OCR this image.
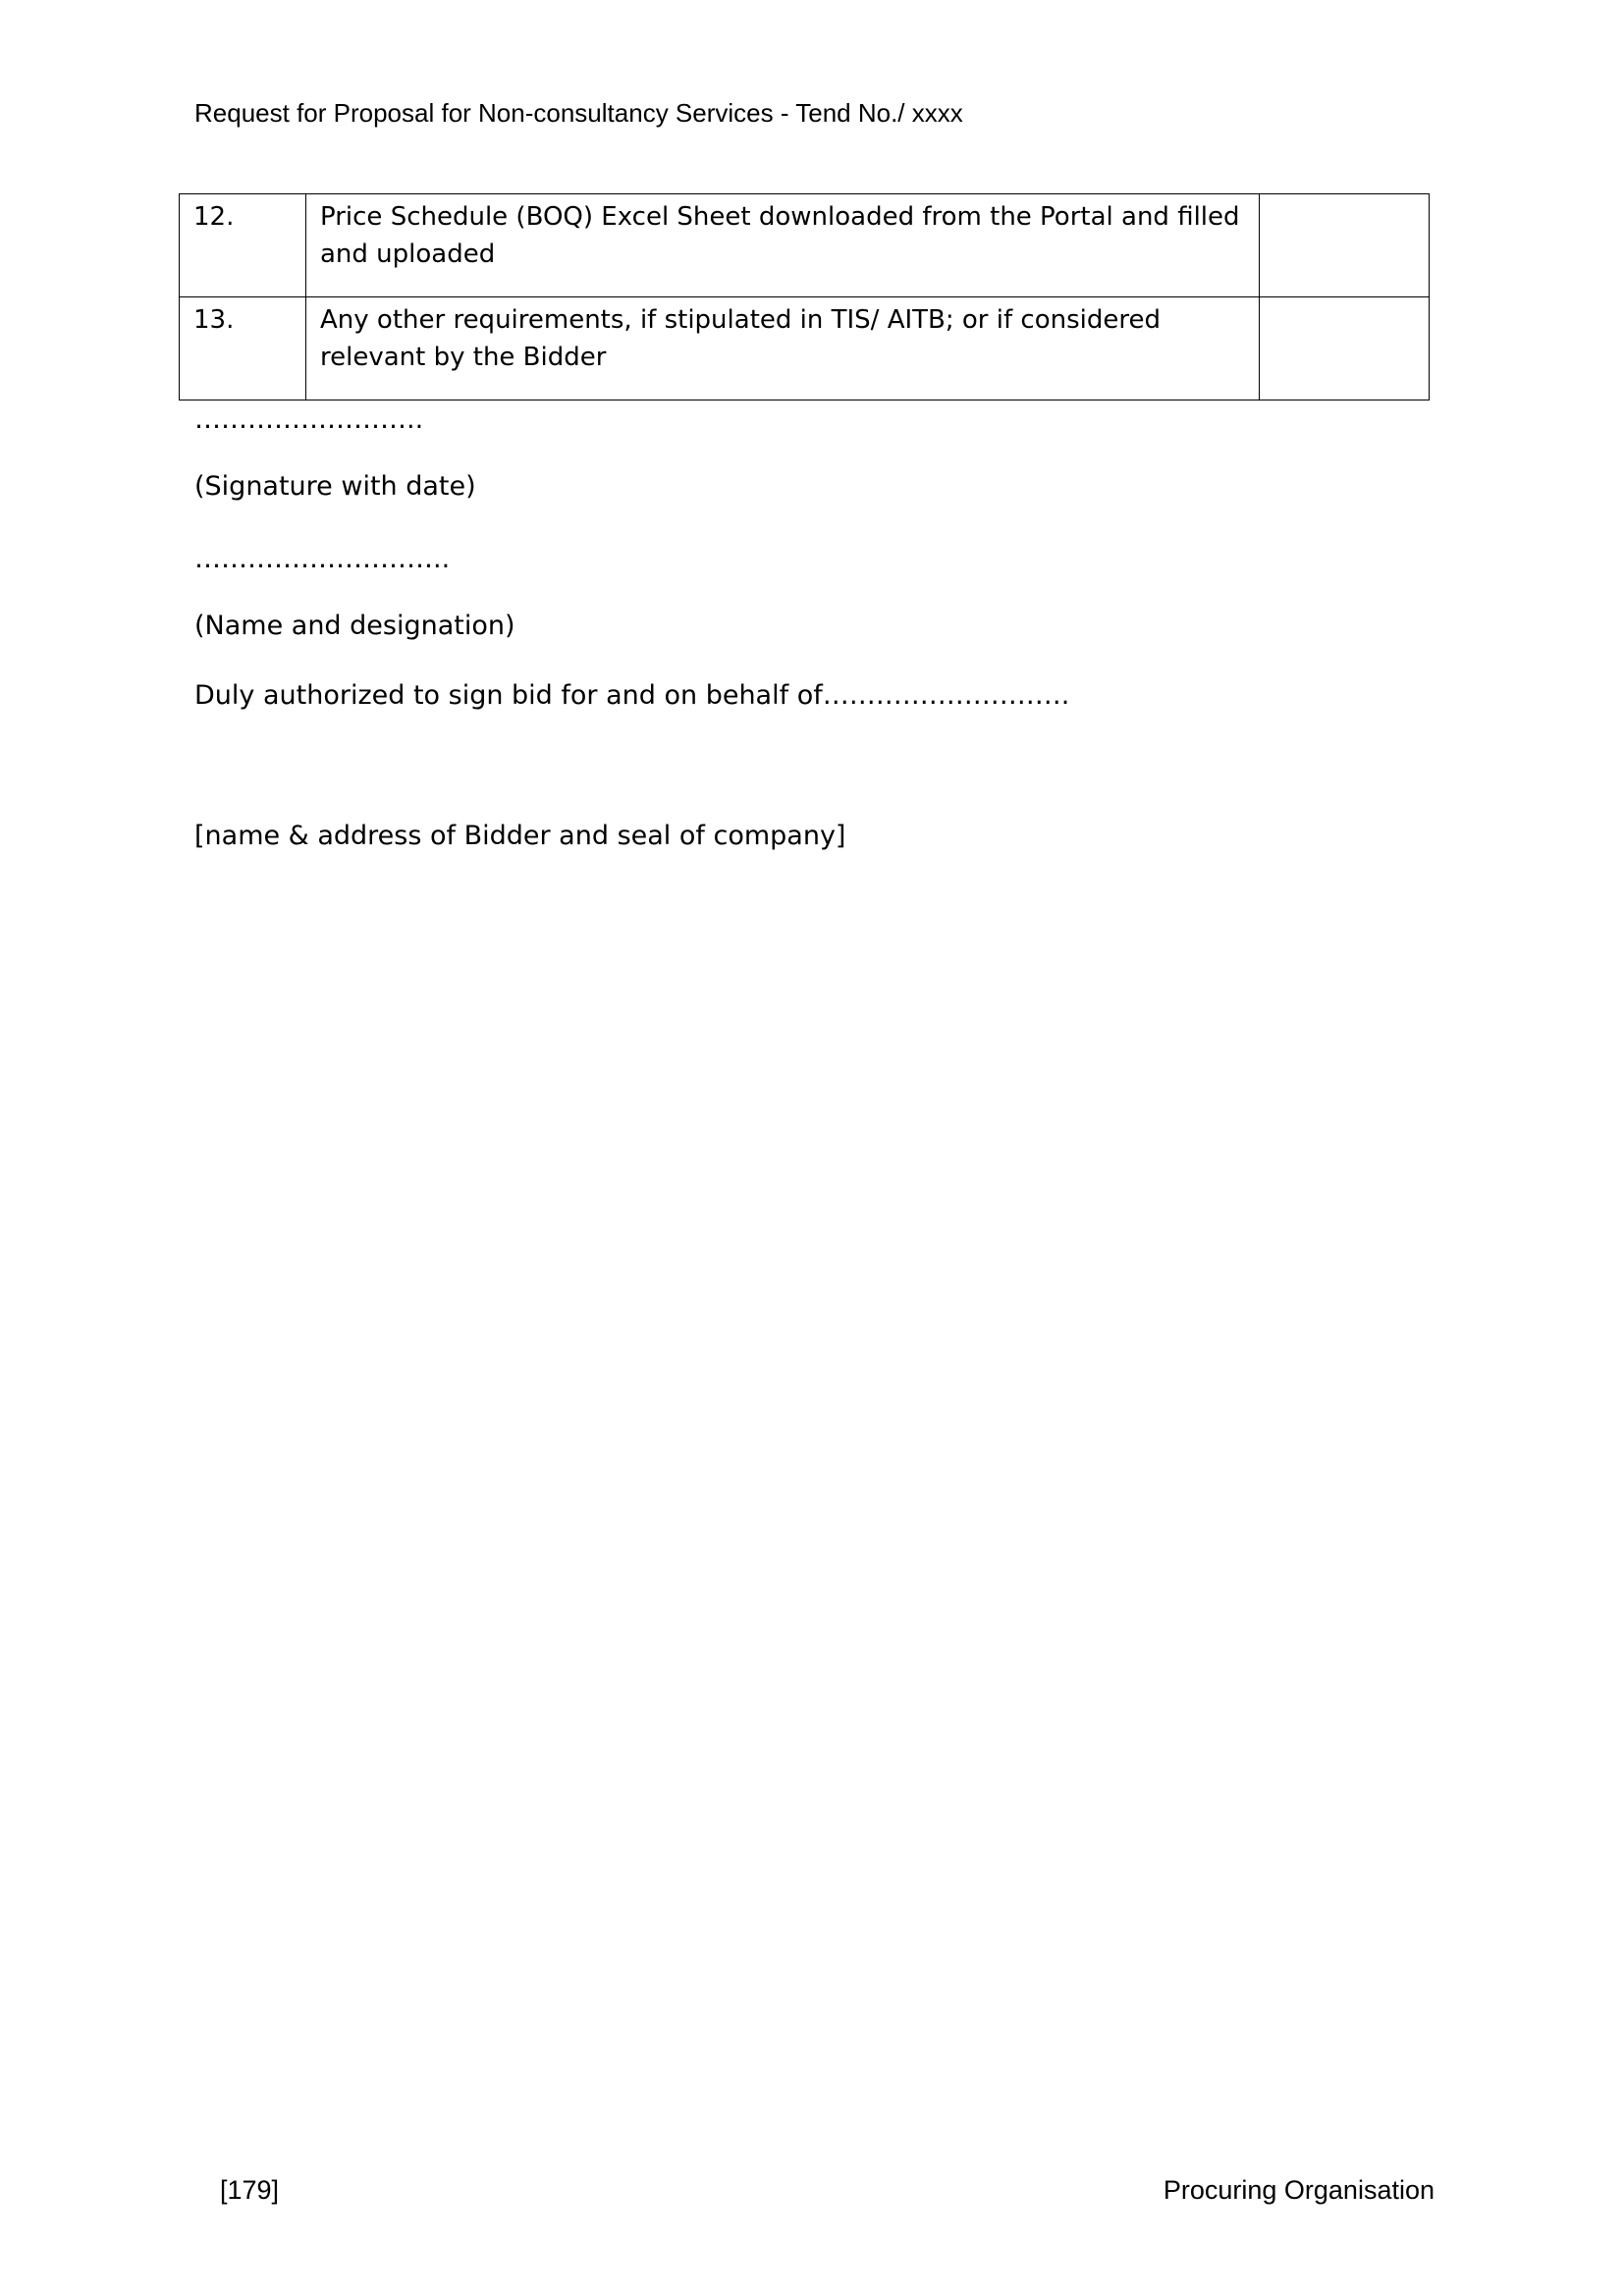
Request for Proposal for Non-consultancy Services - Tend No./ xxxx
12.	Price Schedule (BOQ) Excel Sheet downloaded from the Portal and filled and uploaded	
13.	Any other requirements, if stipulated in TIS/ AITB; or if considered relevant by the Bidder	
……………………..
(Signature with date)
………………………..
(Name and designation)
Duly authorized to sign bid for and on behalf of……………………….
[name & address of Bidder and seal of company]
[179]	Procuring Organisation
